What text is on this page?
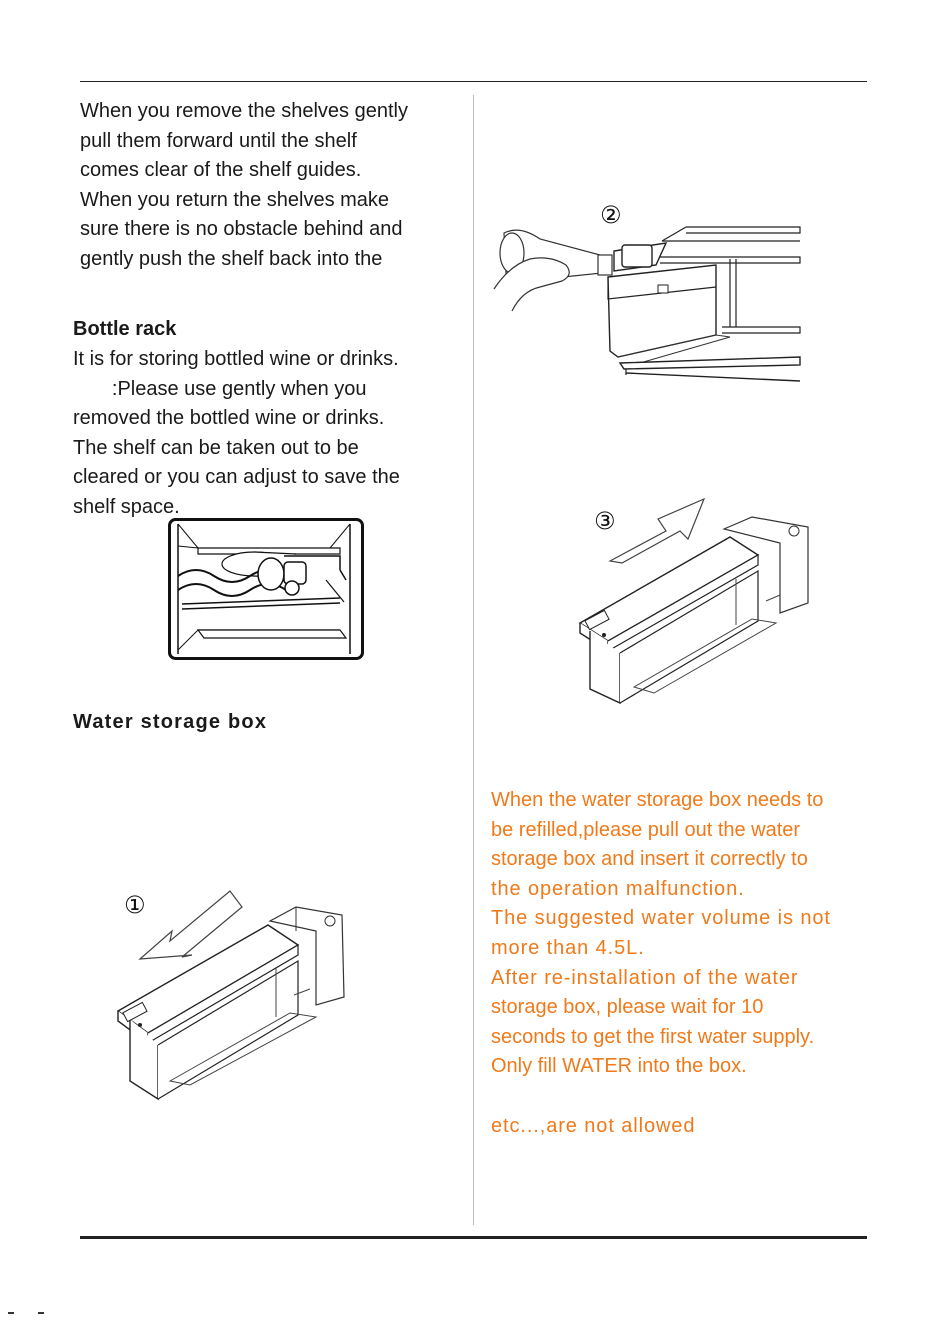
When you remove the shelves gently
pull them forward until the shelf
comes clear of the shelf guides.
When you return the shelves make
sure there is no obstacle behind and
gently push the shelf back into the

Bottle rack

It is for storing bottled wine or drinks.
:Please use gently when you
removed the bottled wine or drinks.
The shelf can be taken out to be
cleared or you can adjust to save the
shelf space.

Water storage box
①
②
③

When the water storage box needs to
be refilled,please pull out the water
storage box and insert it correctly to
the operation malfunction.
The suggested water volume is not
more than 4.5L.
After re-installation of the water
storage box, please wait for 10
seconds to get the first water supply.
Only fill WATER into the box.
etc...,are not allowed
